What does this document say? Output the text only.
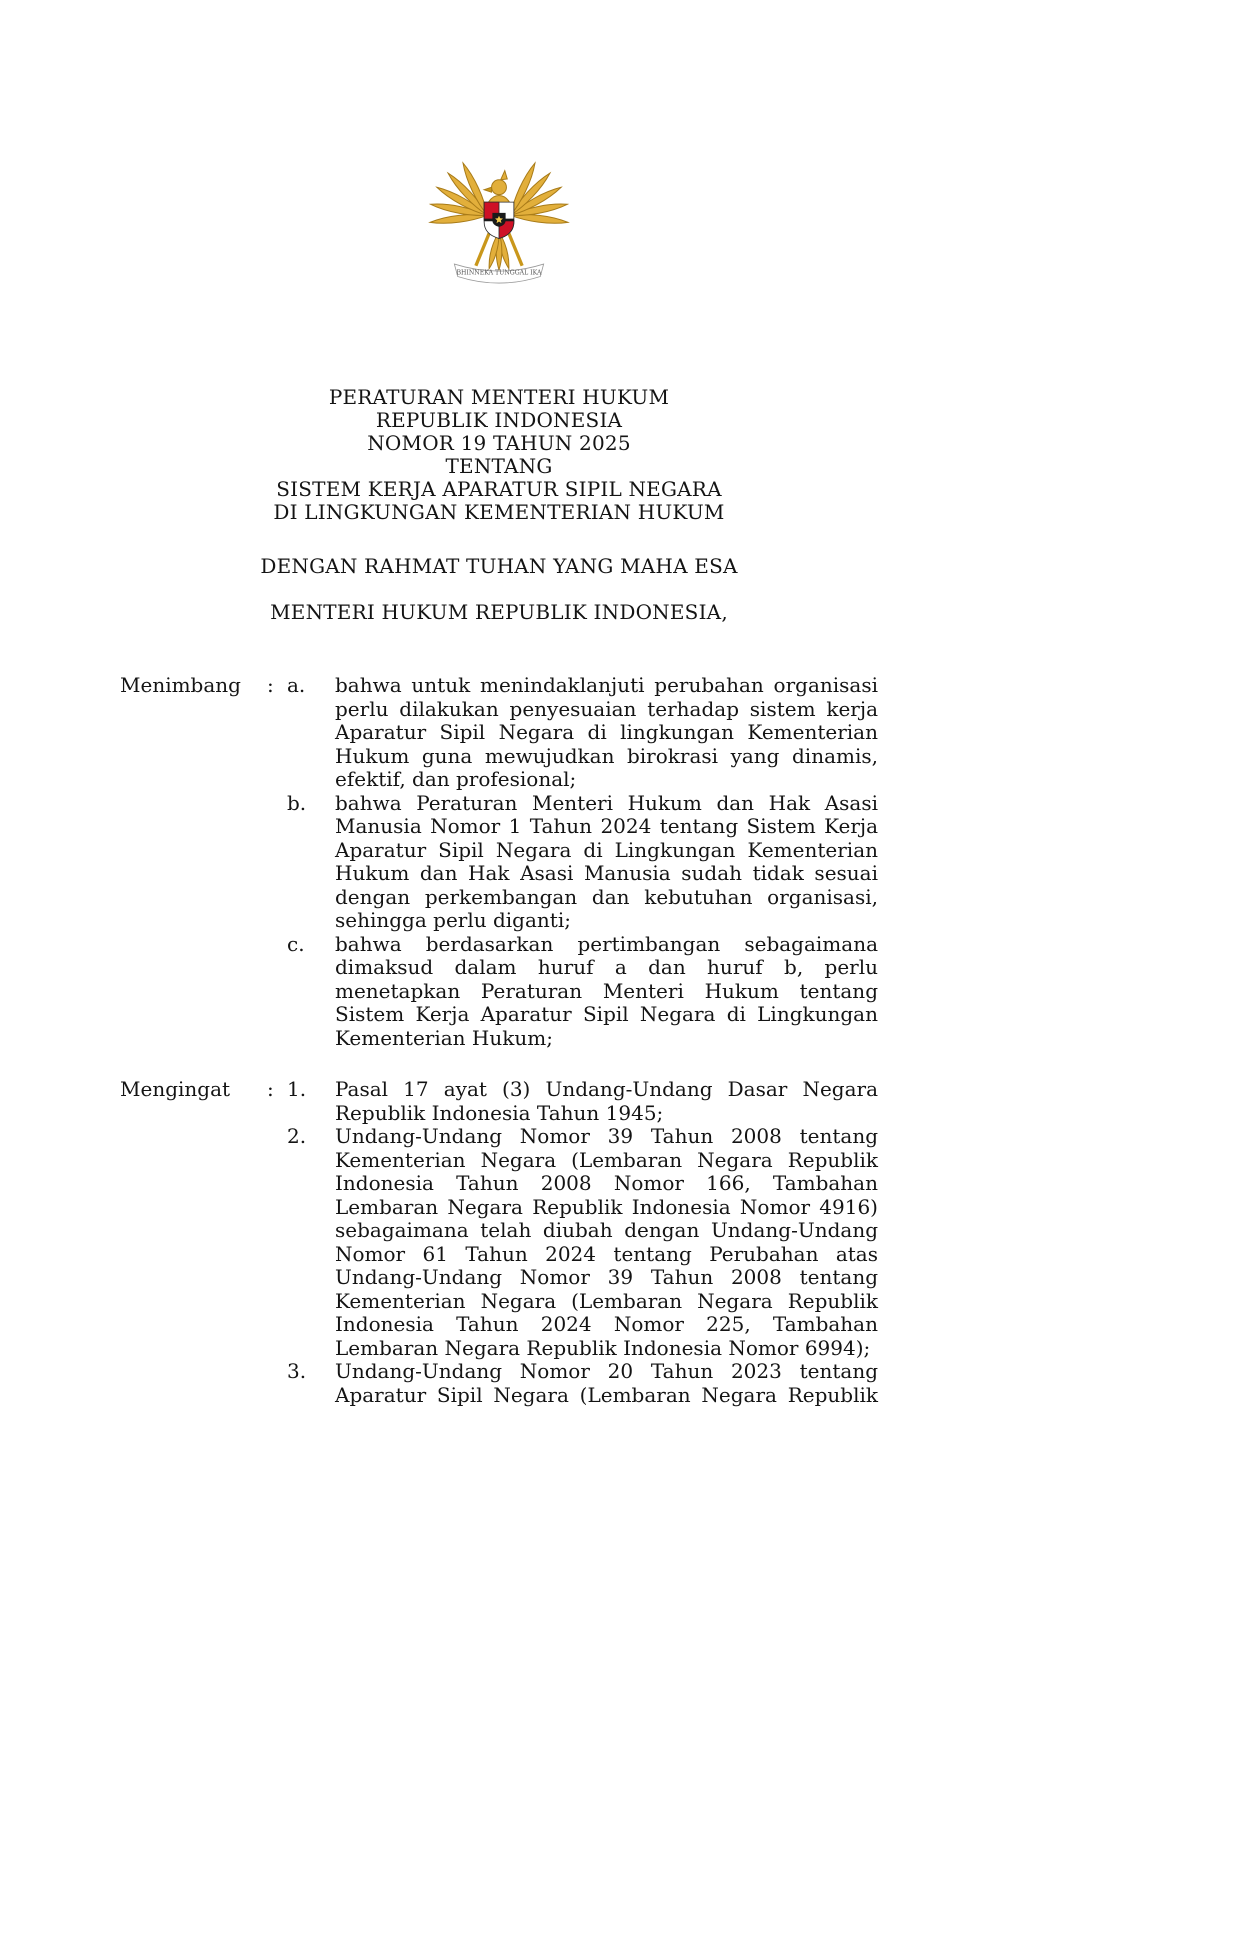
BHINNEKA TUNGGAL IKA
PERATURAN MENTERI HUKUM
REPUBLIK INDONESIA
NOMOR 19 TAHUN 2025
TENTANG
SISTEM KERJA APARATUR SIPIL NEGARA
DI LINGKUNGAN KEMENTERIAN HUKUM
DENGAN RAHMAT TUHAN YANG MAHA ESA
MENTERI HUKUM REPUBLIK INDONESIA,
Menimbang	: a.	bahwa untuk menindaklanjuti perubahan organisasi perlu dilakukan penyesuaian terhadap sistem kerja Aparatur Sipil Negara di lingkungan Kementerian Hukum guna mewujudkan birokrasi yang dinamis, efektif, dan profesional;
b.	bahwa Peraturan Menteri Hukum dan Hak Asasi Manusia Nomor 1 Tahun 2024 tentang Sistem Kerja Aparatur Sipil Negara di Lingkungan Kementerian Hukum dan Hak Asasi Manusia sudah tidak sesuai dengan perkembangan dan kebutuhan organisasi, sehingga perlu diganti;
c.	bahwa berdasarkan pertimbangan sebagaimana dimaksud dalam huruf a dan huruf b, perlu menetapkan Peraturan Menteri Hukum tentang Sistem Kerja Aparatur Sipil Negara di Lingkungan Kementerian Hukum;
Mengingat	: 1.	Pasal 17 ayat (3) Undang-Undang Dasar Negara Republik Indonesia Tahun 1945;
2.	Undang-Undang Nomor 39 Tahun 2008 tentang Kementerian Negara (Lembaran Negara Republik Indonesia Tahun 2008 Nomor 166, Tambahan Lembaran Negara Republik Indonesia Nomor 4916) sebagaimana telah diubah dengan Undang-Undang Nomor 61 Tahun 2024 tentang Perubahan atas Undang-Undang Nomor 39 Tahun 2008 tentang Kementerian Negara (Lembaran Negara Republik Indonesia Tahun 2024 Nomor 225, Tambahan Lembaran Negara Republik Indonesia Nomor 6994);
3.	Undang-Undang Nomor 20 Tahun 2023 tentang Aparatur Sipil Negara (Lembaran Negara Republik
